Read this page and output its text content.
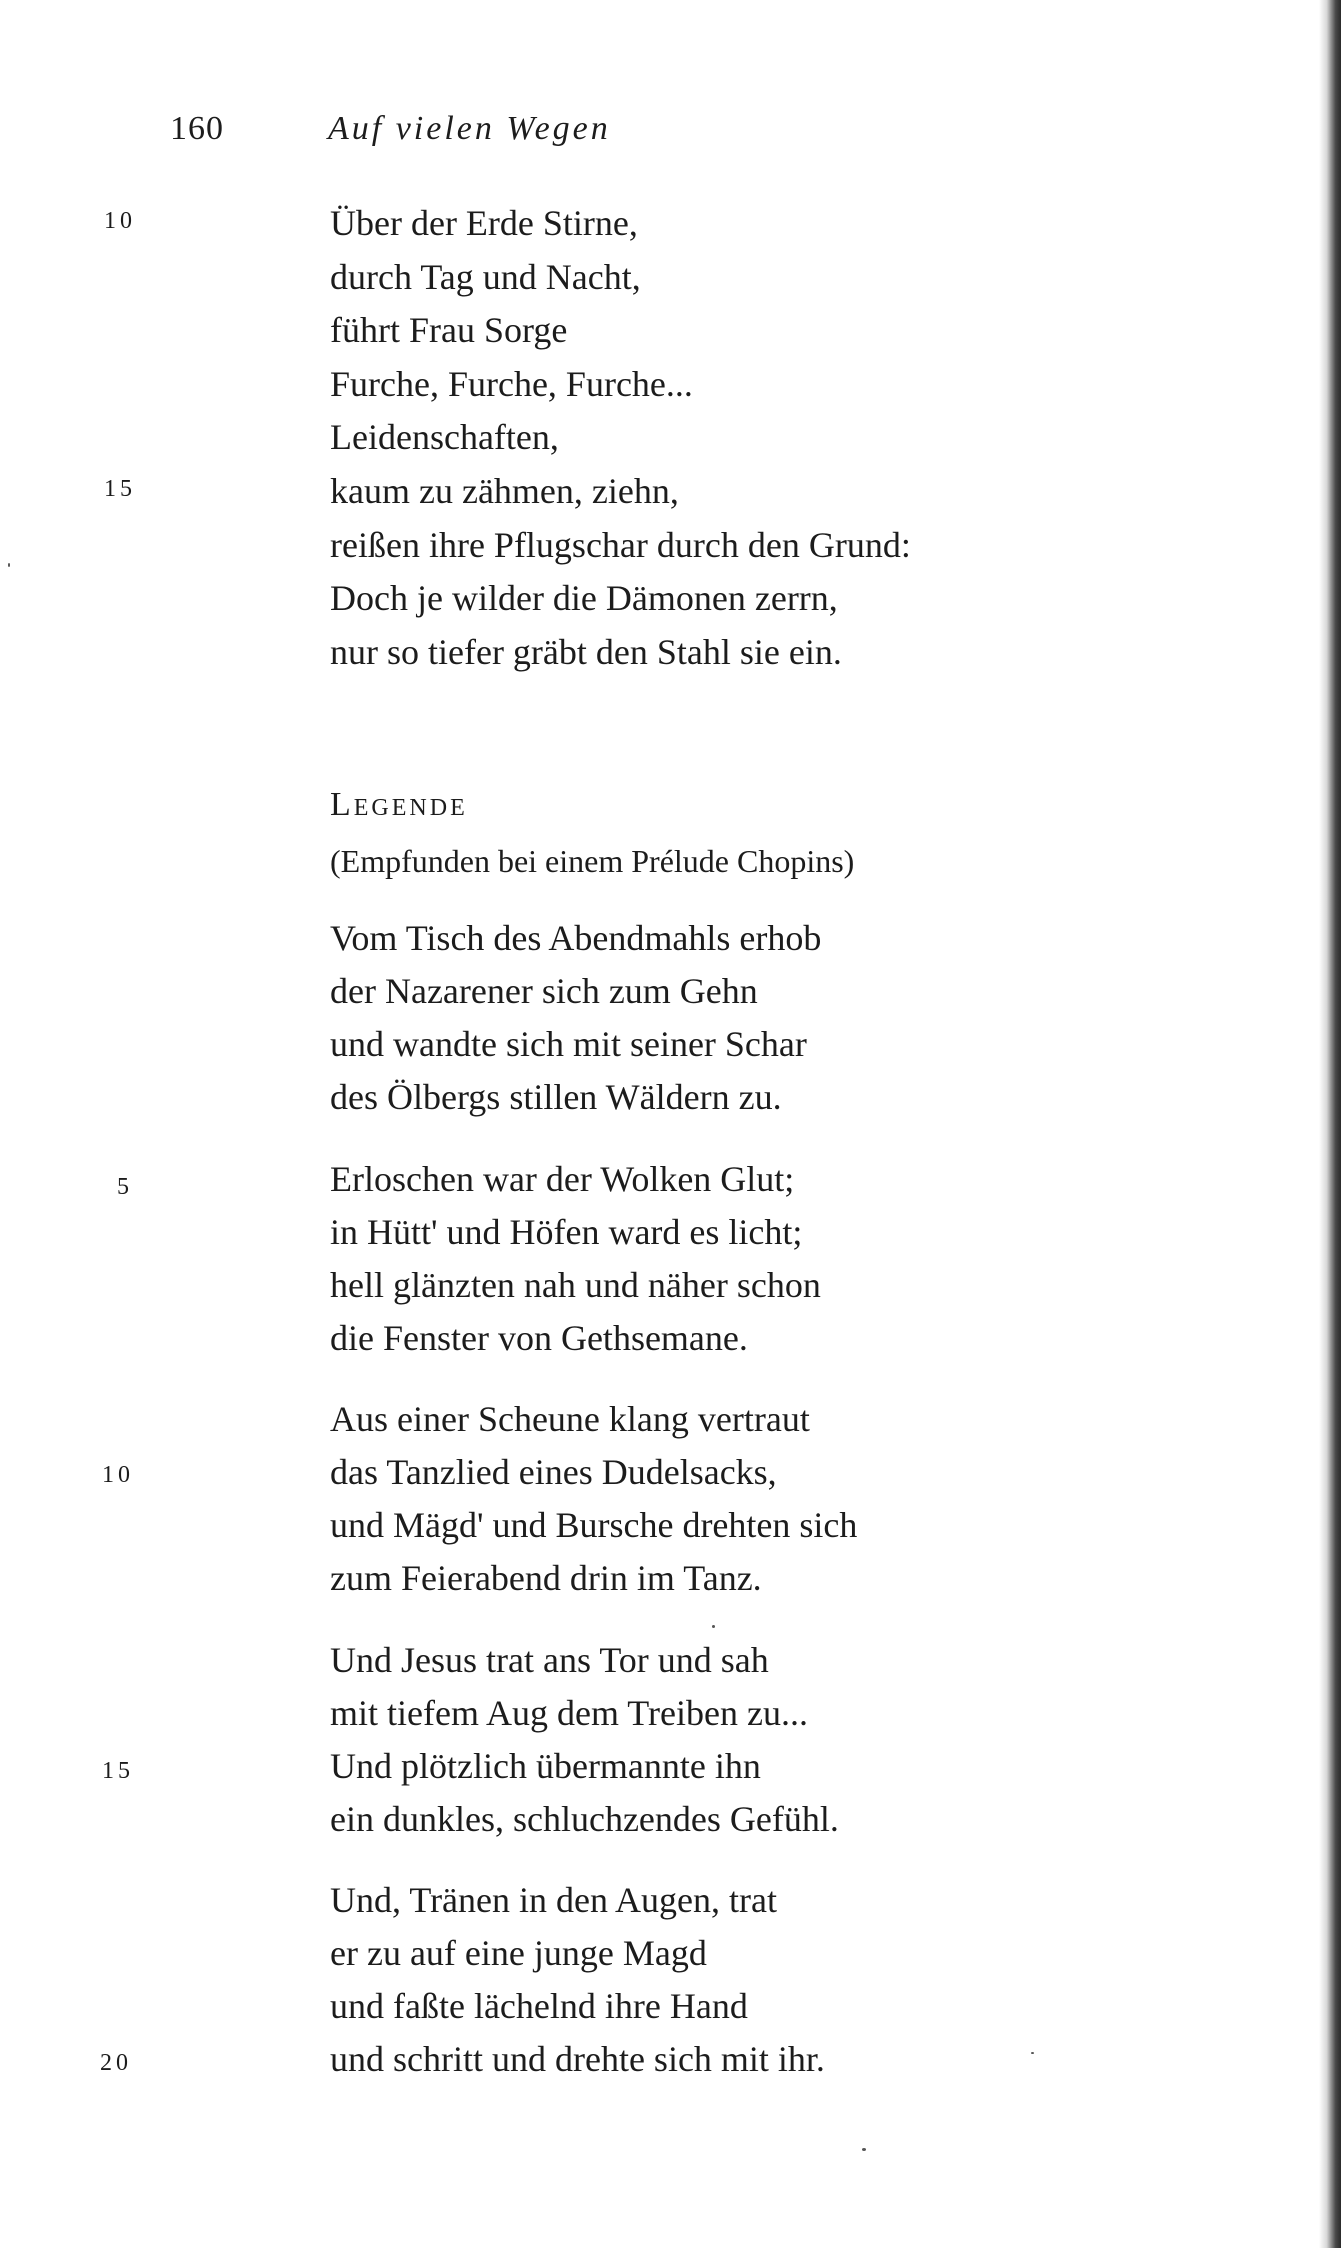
160	Auf vielen Wegen
10
15
Über der Erde Stirne,
durch Tag und Nacht,
führt Frau Sorge
Furche, Furche, Furche...
Leidenschaften,
kaum zu zähmen, ziehn,
reißen ihre Pflugschar durch den Grund:
Doch je wilder die Dämonen zerrn,
nur so tiefer gräbt den Stahl sie ein.
Legende
(Empfunden bei einem Prélude Chopins)
5
10
15
20
Vom Tisch des Abendmahls erhob
der Nazarener sich zum Gehn
und wandte sich mit seiner Schar
des Ölbergs stillen Wäldern zu.
Erloschen war der Wolken Glut;
in Hütt' und Höfen ward es licht;
hell glänzten nah und näher schon
die Fenster von Gethsemane.
Aus einer Scheune klang vertraut
das Tanzlied eines Dudelsacks,
und Mägd' und Bursche drehten sich
zum Feierabend drin im Tanz.
Und Jesus trat ans Tor und sah
mit tiefem Aug dem Treiben zu...
Und plötzlich übermannte ihn
ein dunkles, schluchzendes Gefühl.
Und, Tränen in den Augen, trat
er zu auf eine junge Magd
und faßte lächelnd ihre Hand
und schritt und drehte sich mit ihr.
